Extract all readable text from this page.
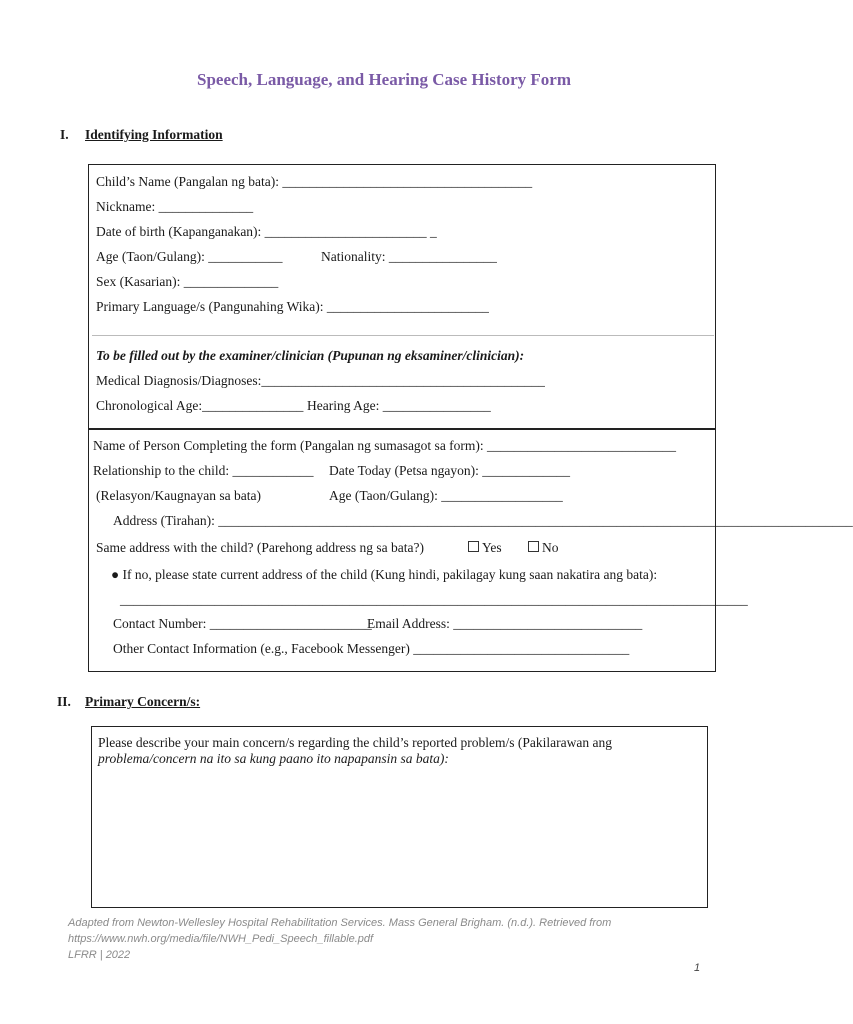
Speech, Language, and Hearing Case History Form
I. Identifying Information
Child’s Name (Pangalan ng bata): _____________________________________
Nickname: ______________
Date of birth (Kapanganakan): ________________________ _
Age (Taon/Gulang): ___________	Nationality: ________________
Sex (Kasarian): ______________
Primary Language/s (Pangunahing Wika): ________________________
To be filled out by the examiner/clinician (Pupunan ng eksaminer/clinician):
Medical Diagnosis/Diagnoses:__________________________________________
Chronological Age:_______________ Hearing Age: ________________
Name of Person Completing the form (Pangalan ng sumasagot sa form): ____________________________
Relationship to the child: ____________ Date Today (Petsa ngayon): _____________
(Relasyon/Kaugnayan sa bata)	Age (Taon/Gulang): __________________
Address (Tirahan): ______________________________________________________________________________________________
Same address with the child? (Parehong address ng sa bata?)	Yes	No
● If no, please state current address of the child (Kung hindi, pakilagay kung saan nakatira ang bata):
_____________________________________________________________________________________________
Contact Number: ________________________
Email Address: ____________________________
Other Contact Information (e.g., Facebook Messenger) ________________________________
II. Primary Concern/s:
Please describe your main concern/s regarding the child’s reported problem/s (Pakilarawan ang
problema/concern na ito sa kung paano ito napapansin sa bata):
Adapted from Newton-Wellesley Hospital Rehabilitation Services. Mass General Brigham. (n.d.). Retrieved from
https://www.nwh.org/media/file/NWH_Pedi_Speech_fillable.pdf
LFRR | 2022
1
